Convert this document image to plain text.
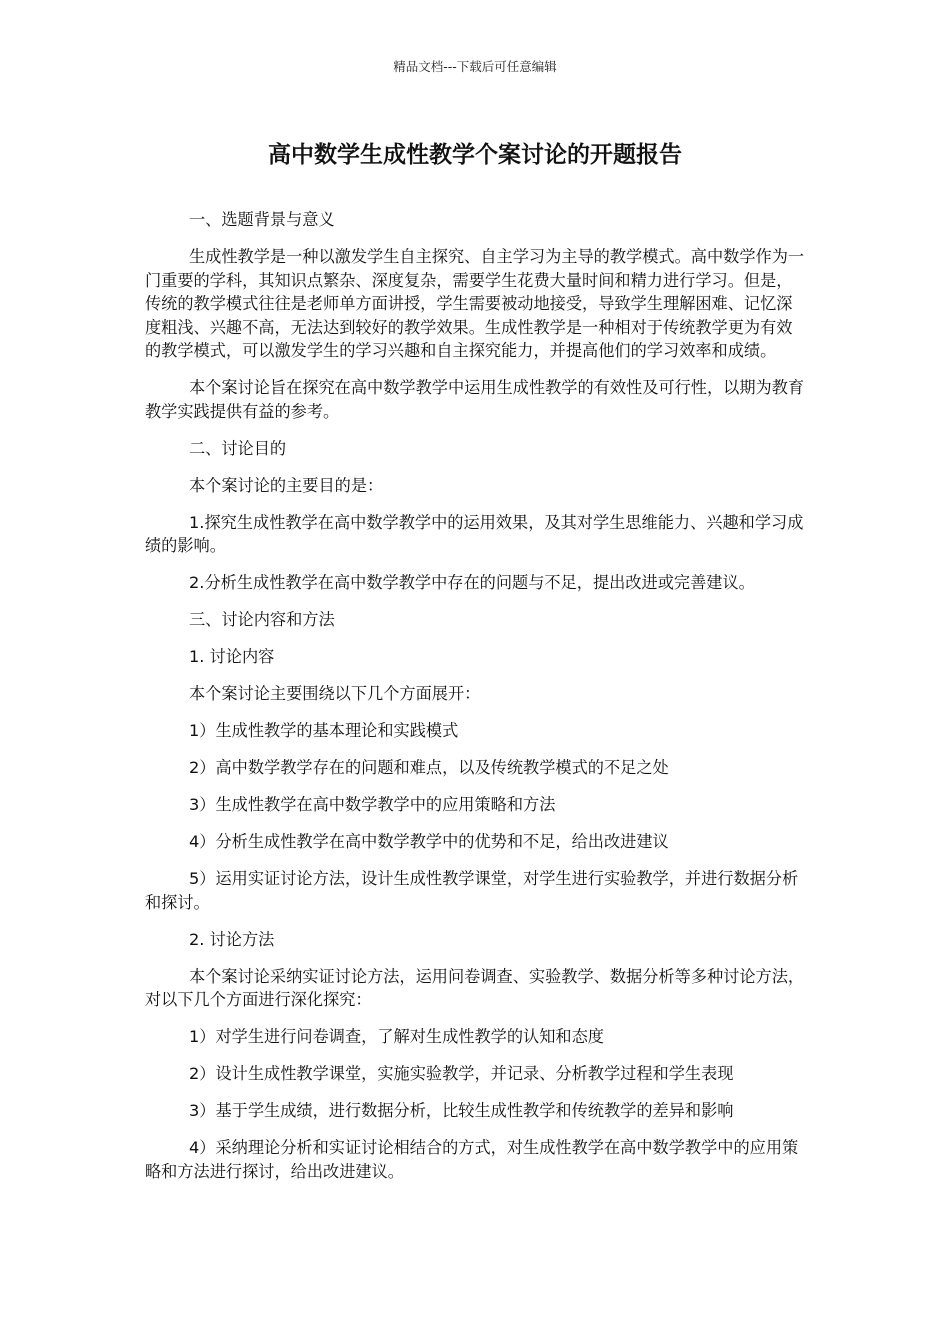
精品文档---下载后可任意编辑
高中数学生成性教学个案讨论的开题报告

一、选题背景与意义

生成性教学是一种以激发学生自主探究、自主学习为主导的教学模式。高中数学作为一门重要的学科，其知识点繁杂、深度复杂，需要学生花费大量时间和精力进行学习。但是，传统的教学模式往往是老师单方面讲授，学生需要被动地接受，导致学生理解困难、记忆深度粗浅、兴趣不高，无法达到较好的教学效果。生成性教学是一种相对于传统教学更为有效的教学模式，可以激发学生的学习兴趣和自主探究能力，并提高他们的学习效率和成绩。

本个案讨论旨在探究在高中数学教学中运用生成性教学的有效性及可行性，以期为教育教学实践提供有益的参考。

二、讨论目的

本个案讨论的主要目的是：

1.探究生成性教学在高中数学教学中的运用效果，及其对学生思维能力、兴趣和学习成绩的影响。

2.分析生成性教学在高中数学教学中存在的问题与不足，提出改进或完善建议。

三、讨论内容和方法

1. 讨论内容

本个案讨论主要围绕以下几个方面展开：

1）生成性教学的基本理论和实践模式

2）高中数学教学存在的问题和难点，以及传统教学模式的不足之处

3）生成性教学在高中数学教学中的应用策略和方法

4）分析生成性教学在高中数学教学中的优势和不足，给出改进建议

5）运用实证讨论方法，设计生成性教学课堂，对学生进行实验教学，并进行数据分析和探讨。

2. 讨论方法

本个案讨论采纳实证讨论方法，运用问卷调查、实验教学、数据分析等多种讨论方法，对以下几个方面进行深化探究：

1）对学生进行问卷调查，了解对生成性教学的认知和态度

2）设计生成性教学课堂，实施实验教学，并记录、分析教学过程和学生表现

3）基于学生成绩，进行数据分析，比较生成性教学和传统教学的差异和影响

4）采纳理论分析和实证讨论相结合的方式，对生成性教学在高中数学教学中的应用策略和方法进行探讨，给出改进建议。
